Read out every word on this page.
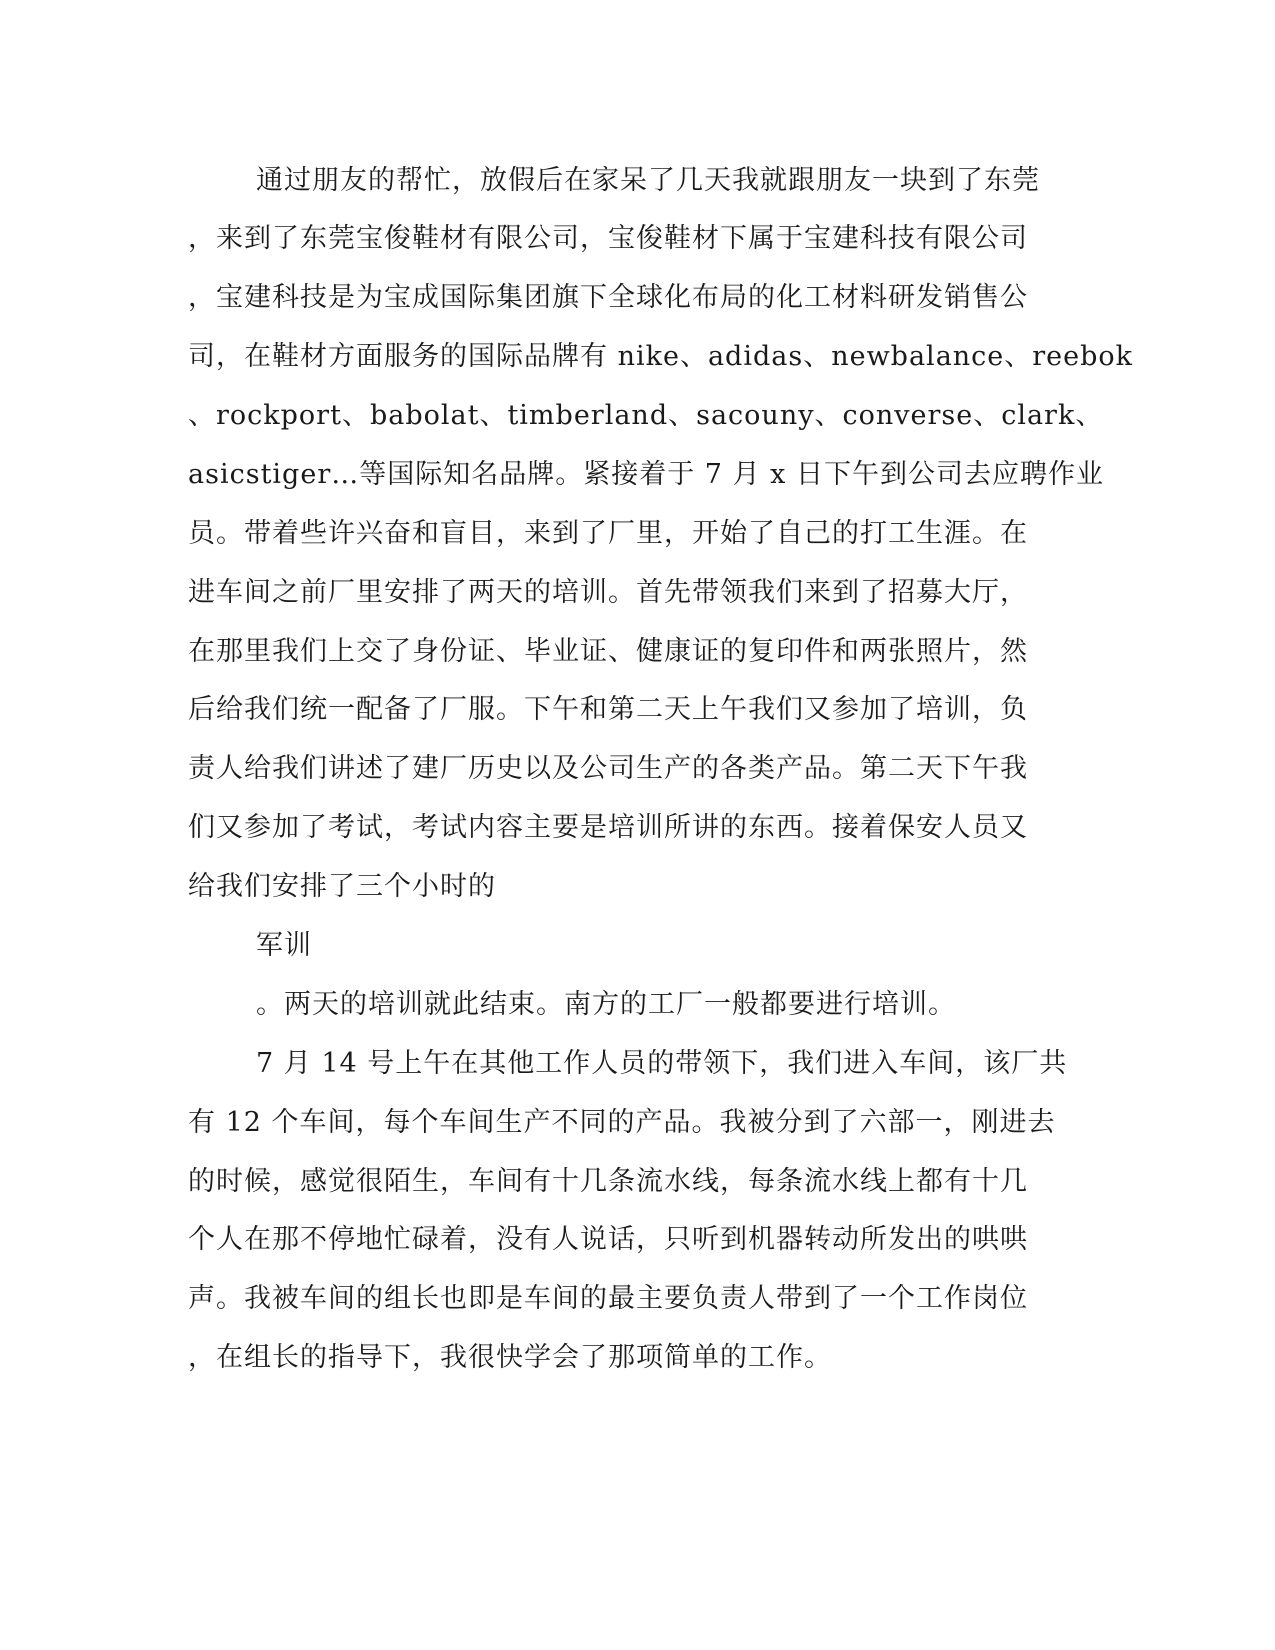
通过朋友的帮忙，放假后在家呆了几天我就跟朋友一块到了东莞
，来到了东莞宝俊鞋材有限公司，宝俊鞋材下属于宝建科技有限公司
，宝建科技是为宝成国际集团旗下全球化布局的化工材料研发销售公
司，在鞋材方面服务的国际品牌有 nike、adidas、newbalance、reebok
、rockport、babolat、timberland、sacouny、converse、clark、
asicstiger…等国际知名品牌。紧接着于 7 月 x 日下午到公司去应聘作业
员。带着些许兴奋和盲目，来到了厂里，开始了自己的打工生涯。在
进车间之前厂里安排了两天的培训。首先带领我们来到了招募大厅，
在那里我们上交了身份证、毕业证、健康证的复印件和两张照片，然
后给我们统一配备了厂服。下午和第二天上午我们又参加了培训，负
责人给我们讲述了建厂历史以及公司生产的各类产品。第二天下午我
们又参加了考试，考试内容主要是培训所讲的东西。接着保安人员又
给我们安排了三个小时的
军训
。两天的培训就此结束。南方的工厂一般都要进行培训。
7 月 14 号上午在其他工作人员的带领下，我们进入车间，该厂共
有 12 个车间，每个车间生产不同的产品。我被分到了六部一，刚进去
的时候，感觉很陌生，车间有十几条流水线，每条流水线上都有十几
个人在那不停地忙碌着，没有人说话，只听到机器转动所发出的哄哄
声。我被车间的组长也即是车间的最主要负责人带到了一个工作岗位
，在组长的指导下，我很快学会了那项简单的工作。
